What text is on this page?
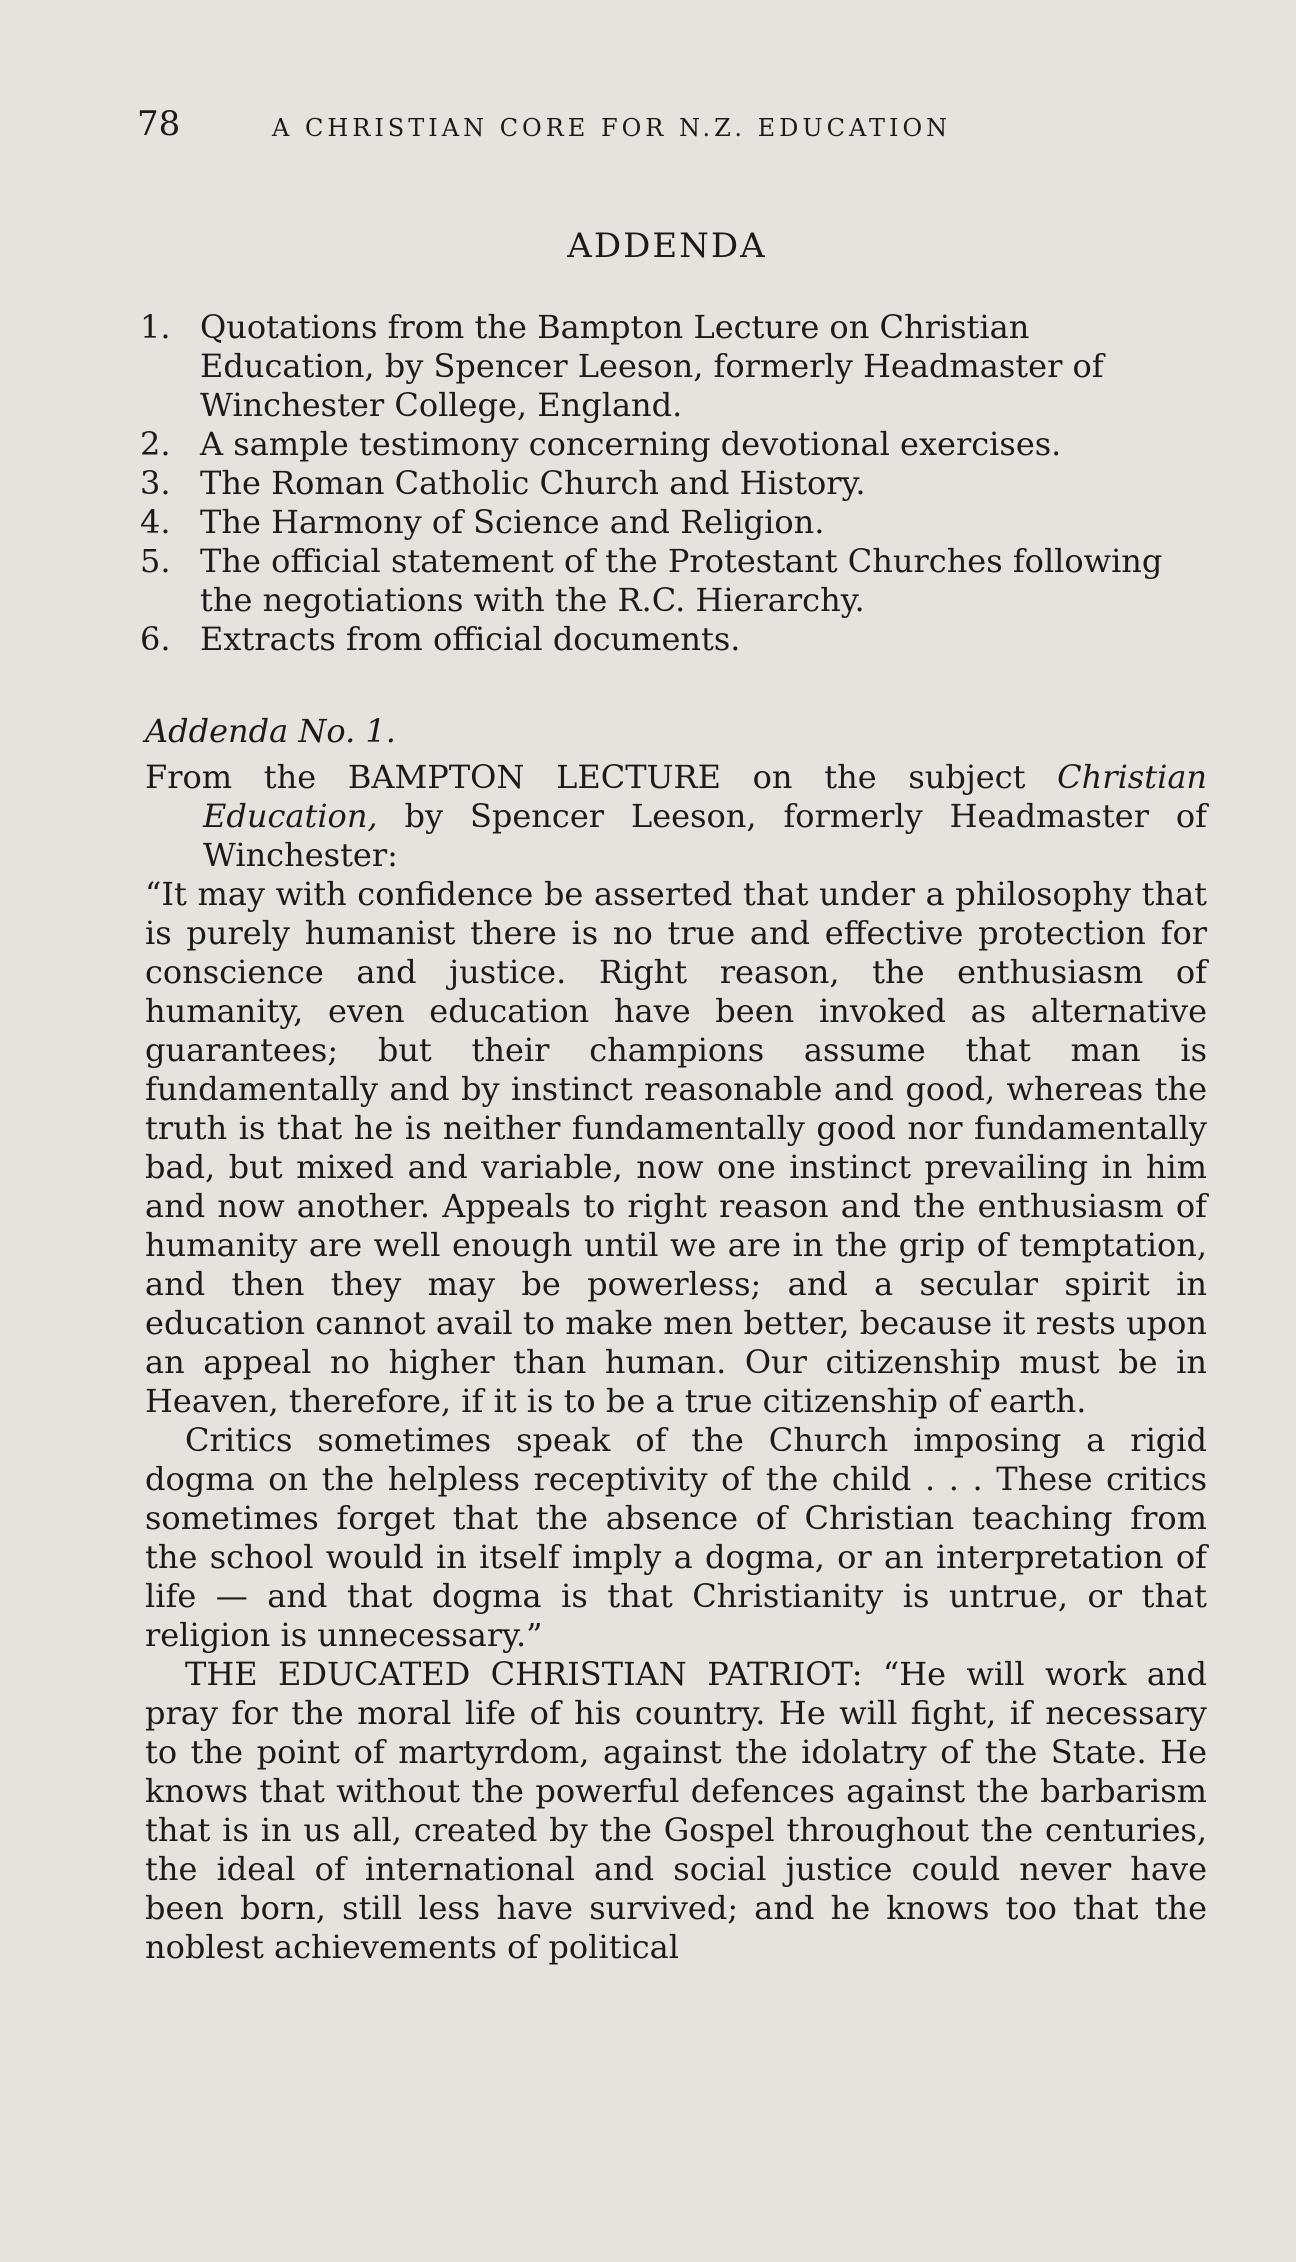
78	A CHRISTIAN CORE FOR N.Z. EDUCATION
ADDENDA
1. Quotations from the Bampton Lecture on Christian Education, by Spencer Leeson, formerly Headmaster of Winchester College, England.
2. A sample testimony concerning devotional exercises.
3. The Roman Catholic Church and History.
4. The Harmony of Science and Religion.
5. The official statement of the Protestant Churches following the negotiations with the R.C. Hierarchy.
6. Extracts from official documents.
Addenda No. 1.

From the BAMPTON LECTURE on the subject Christian Education, by Spencer Leeson, formerly Headmaster of Winchester:

“It may with confidence be asserted that under a philosophy that is purely humanist there is no true and effective protection for conscience and justice. Right reason, the enthusiasm of humanity, even education have been invoked as alternative guarantees; but their champions assume that man is fundamentally and by instinct reasonable and good, whereas the truth is that he is neither fundamentally good nor fundamentally bad, but mixed and variable, now one instinct prevailing in him and now another. Appeals to right reason and the enthusiasm of humanity are well enough until we are in the grip of temptation, and then they may be powerless; and a secular spirit in education cannot avail to make men better, because it rests upon an appeal no higher than human. Our citizenship must be in Heaven, therefore, if it is to be a true citizenship of earth.

Critics sometimes speak of the Church imposing a rigid dogma on the helpless receptivity of the child . . . These critics sometimes forget that the absence of Christian teaching from the school would in itself imply a dogma, or an interpretation of life — and that dogma is that Christianity is untrue, or that religion is unnecessary.”

THE EDUCATED CHRISTIAN PATRIOT: “He will work and pray for the moral life of his country. He will fight, if necessary to the point of martyrdom, against the idolatry of the State. He knows that without the powerful defences against the barbarism that is in us all, created by the Gospel throughout the centuries, the ideal of international and social justice could never have been born, still less have survived; and he knows too that the noblest achievements of political
